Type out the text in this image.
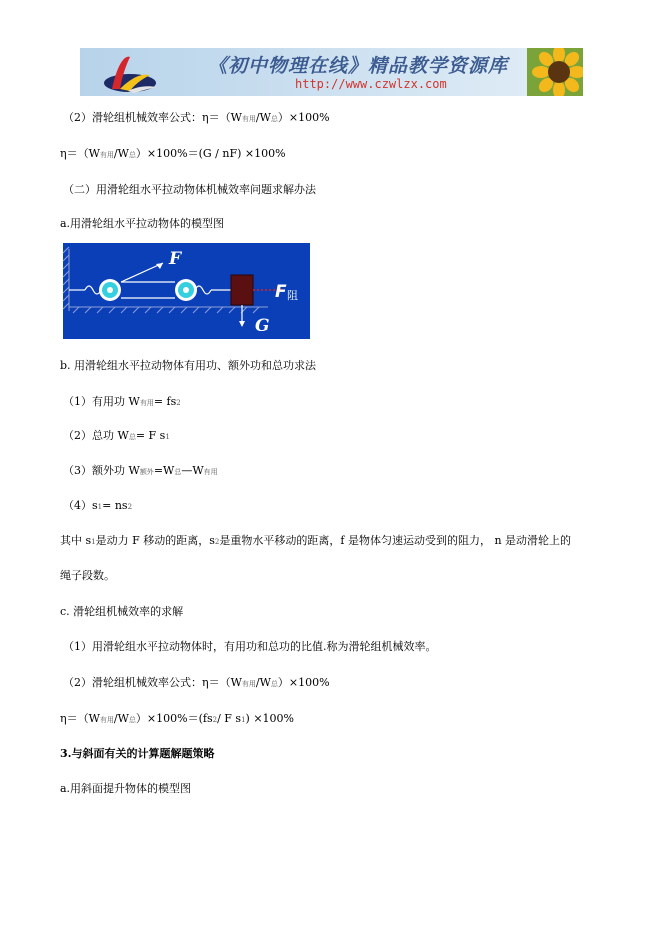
《初中物理在线》精品教学资源库
http://www.czwlzx.com
（2）滑轮组机械效率公式：η＝（W有用/W总）×100%
η＝（W有用/W总）×100%＝(G / nF) ×100%
（二）用滑轮组水平拉动物体机械效率问题求解办法
a.用滑轮组水平拉动物体的模型图
F
F 阻
G
b. 用滑轮组水平拉动物体有用功、额外功和总功求法
（1）有用功 W有用= fs2
（2）总功 W总= F s1
（3）额外功 W额外=W总—W有用
（4）s1= ns2
其中 s1是动力 F 移动的距离，s2是重物水平移动的距离，f 是物体匀速运动受到的阻力， n 是动滑轮上的
绳子段数。
c. 滑轮组机械效率的求解
（1）用滑轮组水平拉动物体时，有用功和总功的比值.称为滑轮组机械效率。
（2）滑轮组机械效率公式：η＝（W有用/W总）×100%
η＝（W有用/W总）×100%＝(fs2/ F s1) ×100%
3.与斜面有关的计算题解题策略
a.用斜面提升物体的模型图
